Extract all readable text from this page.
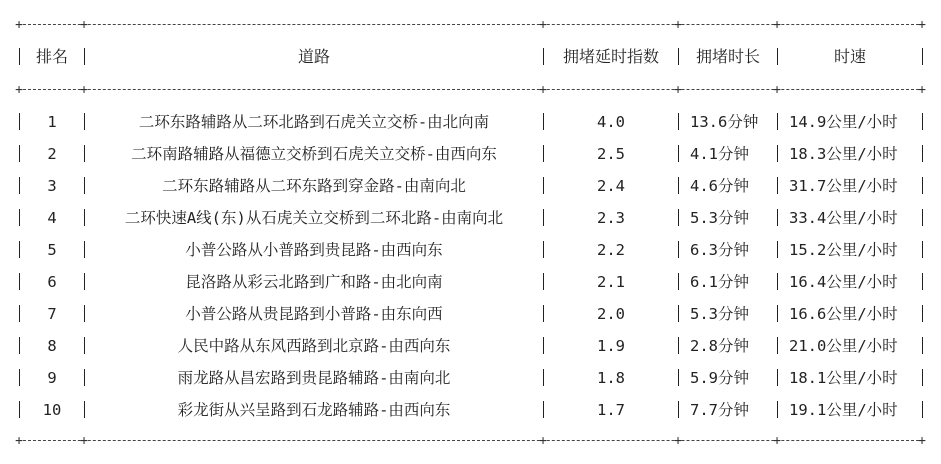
排名	道路	拥堵延时指数	拥堵时长	时速
1	二环东路辅路从二环北路到石虎关立交桥-由北向南	4.0	13.6分钟	14.9公里/小时
2	二环南路辅路从福德立交桥到石虎关立交桥-由西向东	2.5	4.1分钟	18.3公里/小时
3	二环东路辅路从二环东路到穿金路-由南向北	2.4	4.6分钟	31.7公里/小时
4	二环快速A线(东)从石虎关立交桥到二环北路-由南向北	2.3	5.3分钟	33.4公里/小时
5	小普公路从小普路到贵昆路-由西向东	2.2	6.3分钟	15.2公里/小时
6	昆洛路从彩云北路到广和路-由北向南	2.1	6.1分钟	16.4公里/小时
7	小普公路从贵昆路到小普路-由东向西	2.0	5.3分钟	16.6公里/小时
8	人民中路从东风西路到北京路-由西向东	1.9	2.8分钟	21.0公里/小时
9	雨龙路从昌宏路到贵昆路辅路-由南向北	1.8	5.9分钟	18.1公里/小时
10	彩龙街从兴呈路到石龙路辅路-由西向东	1.7	7.7分钟	19.1公里/小时
+	+	+	+	+	+
+	+	+	+	+	+
+	+	+	+	+	+
